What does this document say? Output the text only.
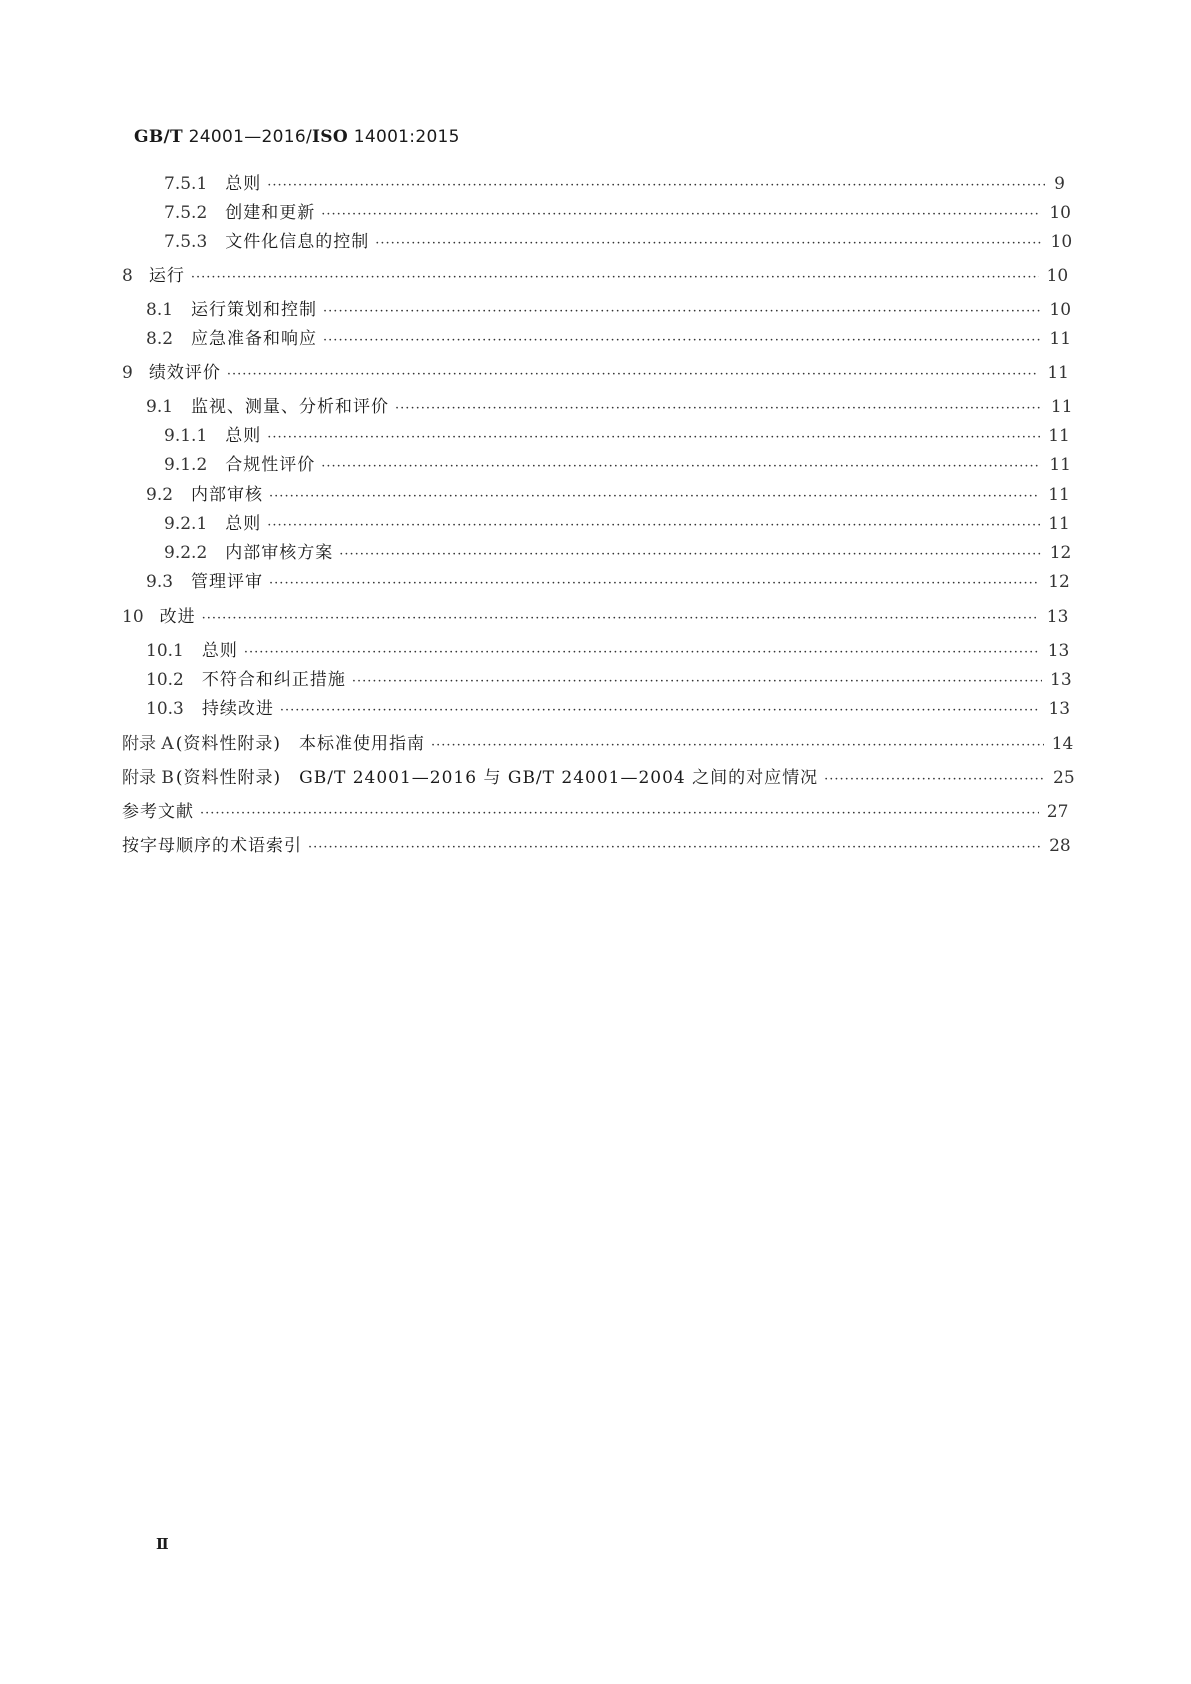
GB/T 24001—2016/ISO 14001:2015
7.5.1 总则 ·····	9
7.5.2 创建和更新 ·····	10
7.5.3 文件化信息的控制 ·····	10
8 运行 ·····	10
8.1 运行策划和控制 ·····	10
8.2 应急准备和响应 ·····	11
9 绩效评价 ·····	11
9.1 监视、测量、分析和评价 ·····	11
9.1.1 总则 ·····	11
9.1.2 合规性评价 ·····	11
9.2 内部审核 ·····	11
9.2.1 总则 ·····	11
9.2.2 内部审核方案 ·····	12
9.3 管理评审 ·····	12
10 改进 ·····	13
10.1 总则 ·····	13
10.2 不符合和纠正措施 ·····	13
10.3 持续改进 ·····	13
附录 A (资料性附录)　本标准使用指南 ·····	14
附录 B (资料性附录)　GB/T 24001—2016 与 GB/T 24001—2004 之间的对应情况 ·····	25
参考文献 ·····	27
按字母顺序的术语索引 ·····	28
Ⅱ
